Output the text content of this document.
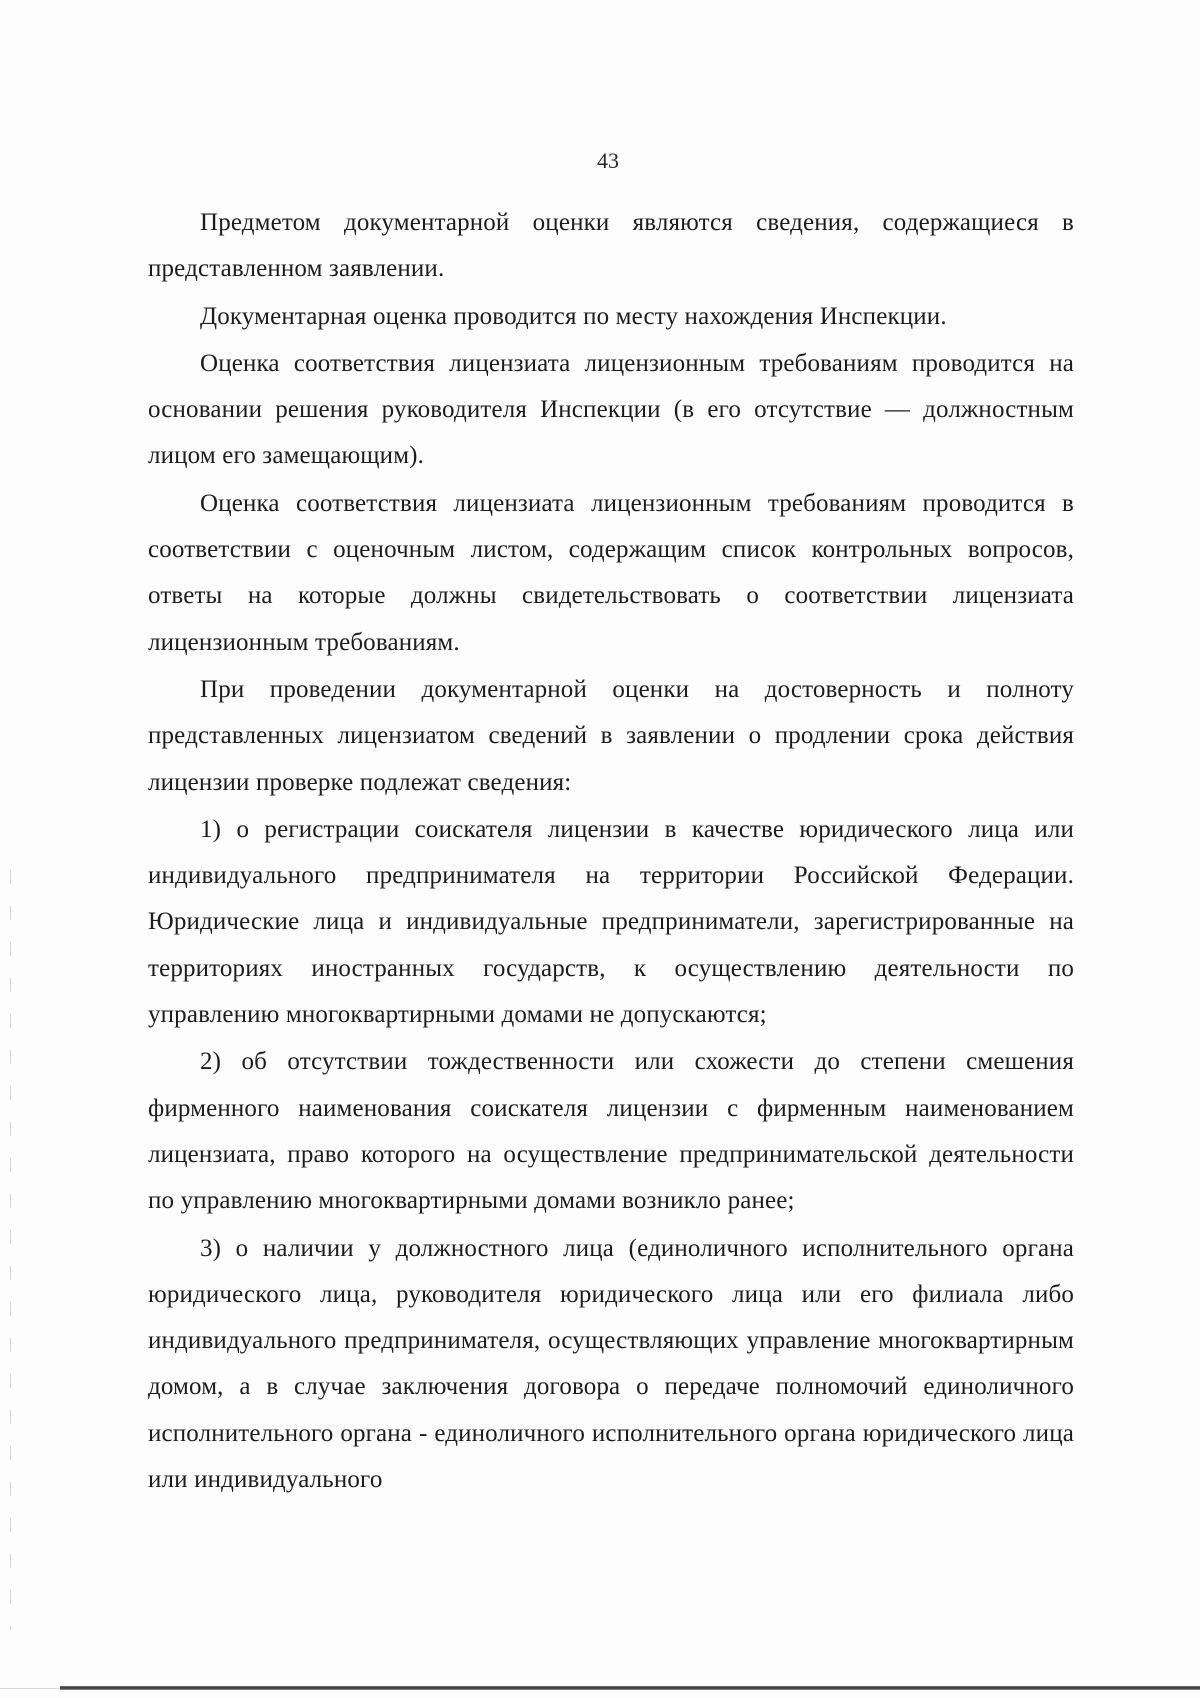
43

Предметом документарной оценки являются сведения, содержащиеся в представленном заявлении.

Документарная оценка проводится по месту нахождения Инспекции.

Оценка соответствия лицензиата лицензионным требованиям проводится на основании решения руководителя Инспекции (в его отсутствие — должностным лицом его замещающим).

Оценка соответствия лицензиата лицензионным требованиям проводится в соответствии с оценочным листом, содержащим список контрольных вопросов, ответы на которые должны свидетельствовать о соответствии лицензиата лицензионным требованиям.

При проведении документарной оценки на достоверность и полноту представленных лицензиатом сведений в заявлении о продлении срока действия лицензии проверке подлежат сведения:

1) о регистрации соискателя лицензии в качестве юридического лица или индивидуального предпринимателя на территории Российской Федерации. Юридические лица и индивидуальные предприниматели, зарегистрированные на территориях иностранных государств, к осуществлению деятельности по управлению многоквартирными домами не допускаются;

2) об отсутствии тождественности или схожести до степени смешения фирменного наименования соискателя лицензии с фирменным наименованием лицензиата, право которого на осуществление предпринимательской деятельности по управлению многоквартирными домами возникло ранее;

3) о наличии у должностного лица (единоличного исполнительного органа юридического лица, руководителя юридического лица или его филиала либо индивидуального предпринимателя, осуществляющих управление многоквартирным домом, а в случае заключения договора о передаче полномочий единоличного исполнительного органа - единоличного исполнительного органа юридического лица или индивидуального
